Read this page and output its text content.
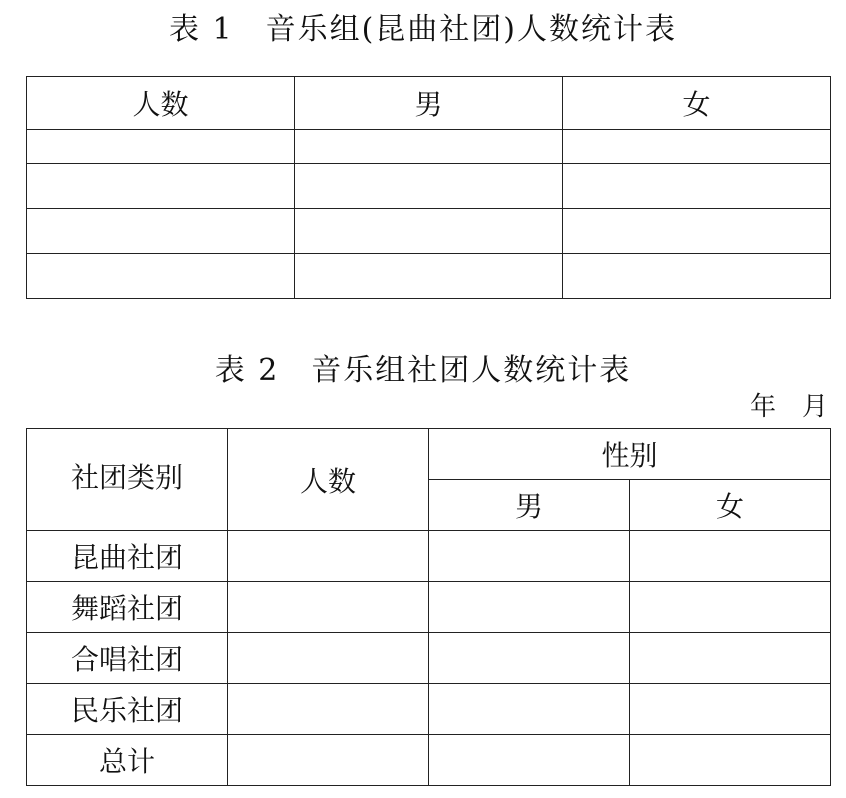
表 1　音乐组(昆曲社团)人数统计表
人数	男	女

表 2　音乐组社团人数统计表
年　月
社团类别	人数	性别	
		男	女
昆曲社团			
舞蹈社团			
合唱社团			
民乐社团			
总计			
